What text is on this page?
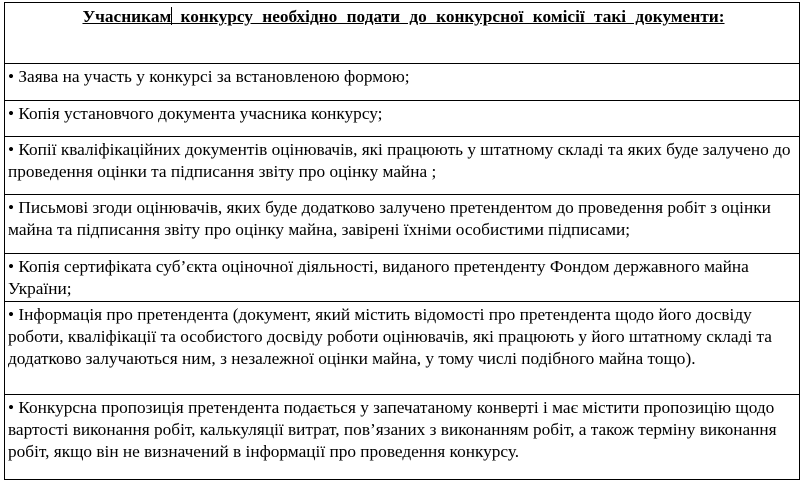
Учасникам конкурсу необхідно подати до конкурсної комісії такі документи:

• Заява на участь у конкурсі за встановленою формою;

• Копія установчого документа учасника конкурсу;

• Копії кваліфікаційних документів оцінювачів, які працюють у штатному складі та яких буде залучено до проведення оцінки та підписання звіту про оцінку майна ;

• Письмові згоди оцінювачів, яких буде додатково залучено претендентом до проведення робіт з оцінки майна та підписання звіту про оцінку майна, завірені їхніми особистими підписами;

• Копія сертифіката суб’єкта оціночної діяльності, виданого претенденту Фондом державного майна України;

• Інформація про претендента (документ, який містить відомості про претендента щодо його досвіду роботи, кваліфікації та особистого досвіду роботи оцінювачів, які працюють у його штатному складі та додатково залучаються ним, з незалежної оцінки майна, у тому числі подібного майна тощо).

• Конкурсна пропозиція претендента подається у запечатаному конверті і має містити пропозицію щодо вартості виконання робіт, калькуляції витрат, пов’язаних з виконанням робіт, а також терміну виконання робіт, якщо він не визначений в інформації про проведення конкурсу.
